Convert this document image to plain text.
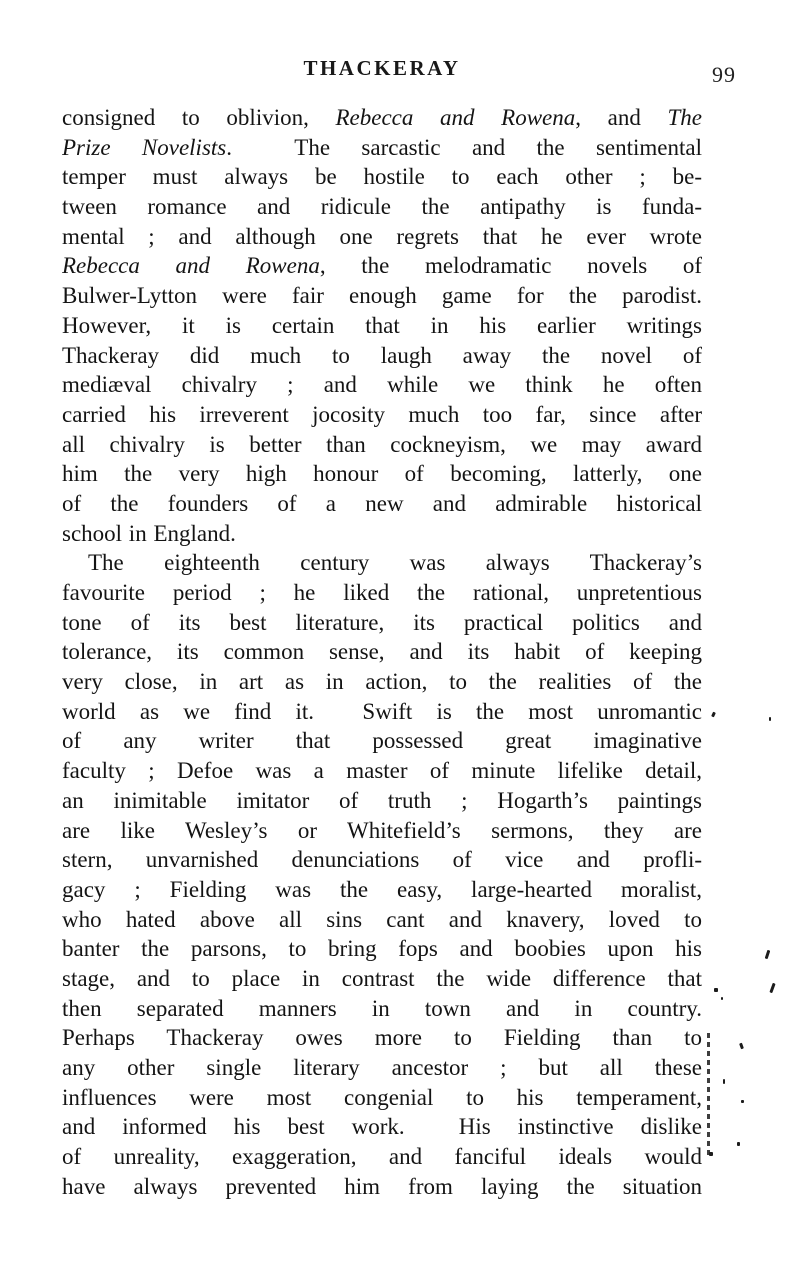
THACKERAY	99
consigned to oblivion, Rebecca and Rowena, and The
Prize Novelists.  The sarcastic and the sentimental
temper must always be hostile to each other ; be-
tween romance and ridicule the antipathy is funda-
mental ; and although one regrets that he ever wrote
Rebecca and Rowena, the melodramatic novels of
Bulwer-Lytton were fair enough game for the parodist.
However, it is certain that in his earlier writings
Thackeray did much to laugh away the novel of
mediæval chivalry ; and while we think he often
carried his irreverent jocosity much too far, since after
all chivalry is better than cockneyism, we may award
him the very high honour of becoming, latterly, one
of the founders of a new and admirable historical
school in England.
The eighteenth century was always Thackeray’s
favourite period ; he liked the rational, unpretentious
tone of its best literature, its practical politics and
tolerance, its common sense, and its habit of keeping
very close, in art as in action, to the realities of the
world as we find it.  Swift is the most unromantic
of any writer that possessed great imaginative
faculty ; Defoe was a master of minute lifelike detail,
an inimitable imitator of truth ; Hogarth’s paintings
are like Wesley’s or Whitefield’s sermons, they are
stern, unvarnished denunciations of vice and profli-
gacy ; Fielding was the easy, large-hearted moralist,
who hated above all sins cant and knavery, loved to
banter the parsons, to bring fops and boobies upon his
stage, and to place in contrast the wide difference that
then separated manners in town and in country.
Perhaps Thackeray owes more to Fielding than to
any other single literary ancestor ; but all these
influences were most congenial to his temperament,
and informed his best work.  His instinctive dislike
of unreality, exaggeration, and fanciful ideals would
have always prevented him from laying the situation
